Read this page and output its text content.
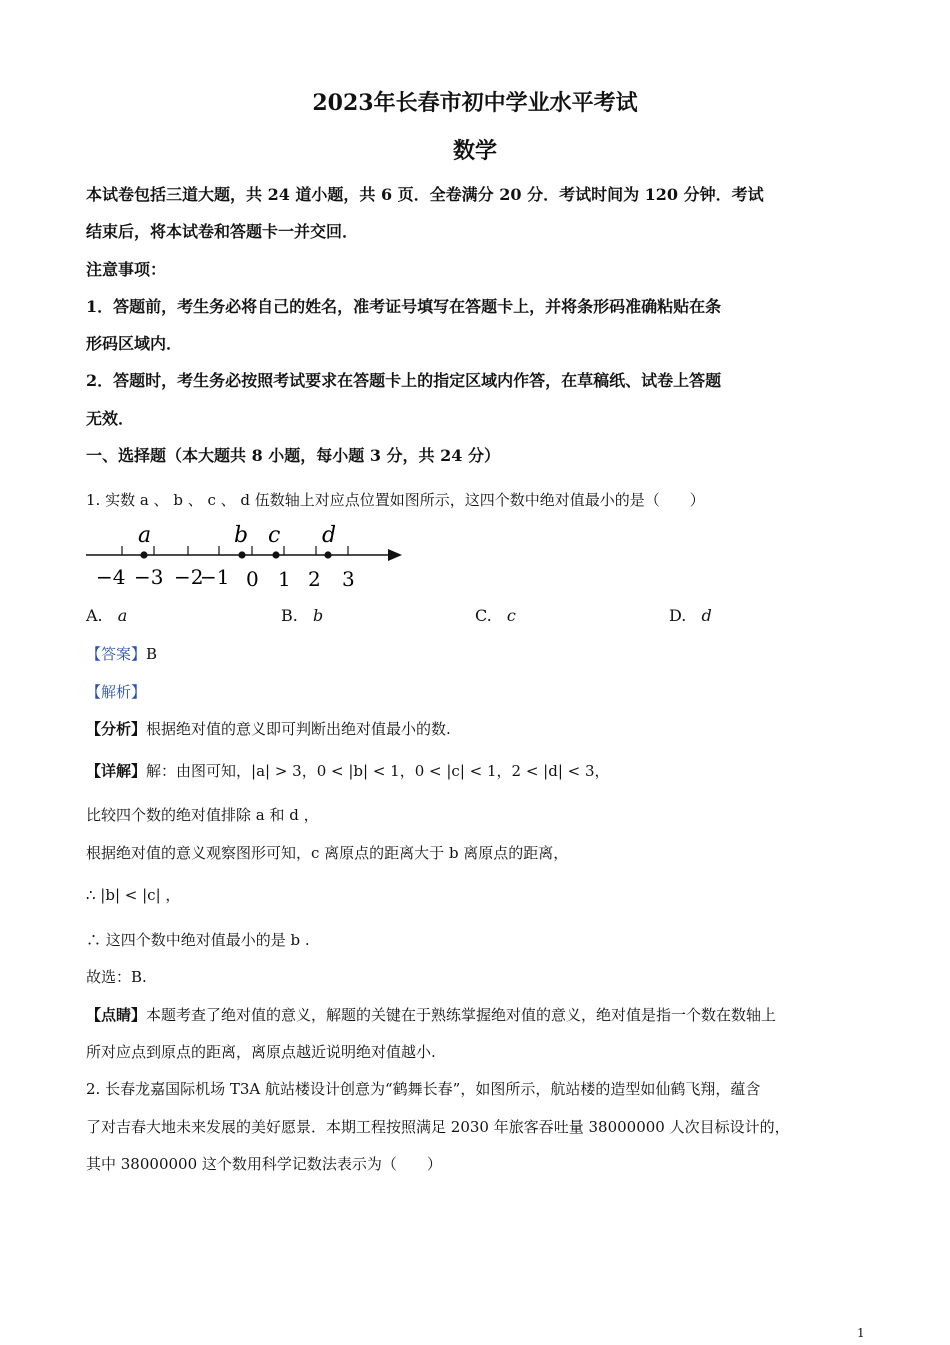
2023年长春市初中学业水平考试
数学
本试卷包括三道大题，共 24 道小题，共 6 页．全卷满分 20 分．考试时间为 120 分钟．考试
结束后，将本试卷和答题卡一并交回．
注意事项：
1．答题前，考生务必将自己的姓名，准考证号填写在答题卡上，并将条形码准确粘贴在条
形码区域内．
2．答题时，考生务必按照考试要求在答题卡上的指定区域内作答，在草稿纸、试卷上答题
无效．
一、选择题（本大题共 8 小题，每小题 3 分，共 24 分）
1. 实数 a 、 b 、 c 、 d 伍数轴上对应点位置如图所示，这四个数中绝对值最小的是（　　）
a	b c d
−4 −3 −2
−1 0 1 2 3
A. a	B. b	C. c	D. d
【答案】B
【解析】
【分析】根据绝对值的意义即可判断出绝对值最小的数.
【详解】解：由图可知，|a| > 3，0 < |b| < 1，0 < |c| < 1，2 < |d| < 3，
比较四个数的绝对值排除 a 和 d ，
根据绝对值的意义观察图形可知，c 离原点的距离大于 b 离原点的距离，
∴ |b| < |c| ，
∴ 这四个数中绝对值最小的是 b .
故选：B.
【点睛】本题考查了绝对值的意义，解题的关键在于熟练掌握绝对值的意义，绝对值是指一个数在数轴上
所对应点到原点的距离，离原点越近说明绝对值越小.
2. 长春龙嘉国际机场 T3A 航站楼设计创意为“鹤舞长春”，如图所示，航站楼的造型如仙鹤飞翔，蕴含
了对吉春大地未来发展的美好愿景．本期工程按照满足 2030 年旅客吞吐量 38000000 人次目标设计的，
其中 38000000 这个数用科学记数法表示为（　　）
1
